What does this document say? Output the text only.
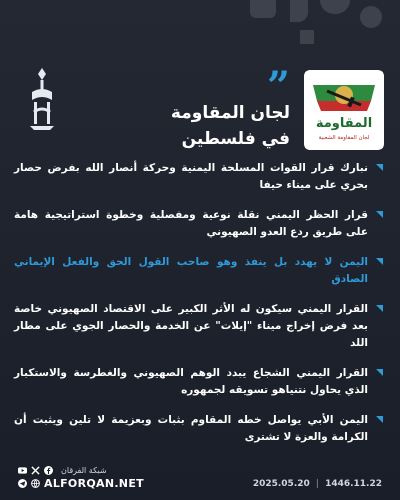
المقاومة
لجان المقاومة الشعبية
”
لجان المقاومة
في فلسطين
نبارك قرار القوات المسلحة اليمنية وحركة أنصار الله بفرض حصار بحري على ميناء حيفا
قرار الحظر اليمني نقلة نوعية ومفصلية وخطوة استراتيجية هامة على طريق ردع العدو الصهيوني
اليمن لا يهدد بل ينفذ وهو صاحب القول الحق والفعل الإيماني الصادق
القرار اليمني سيكون له الأثر الكبير على الاقتصاد الصهيوني خاصة بعد فرض إخراج ميناء "إيلات" عن الخدمة والحصار الجوي على مطار اللد
القرار اليمني الشجاع يبدد الوهم الصهيوني والغطرسة والاستكبار الذي يحاول نتنياهو تسويقه لجمهوره
اليمن الأبي يواصل خطه المقاوم بثبات وبعزيمة لا تلين ويثبت أن الكرامة والعزة لا تشترى
شبكة الفرقان
ALFORQAN.NET	2025.05.20 | 1446.11.22
